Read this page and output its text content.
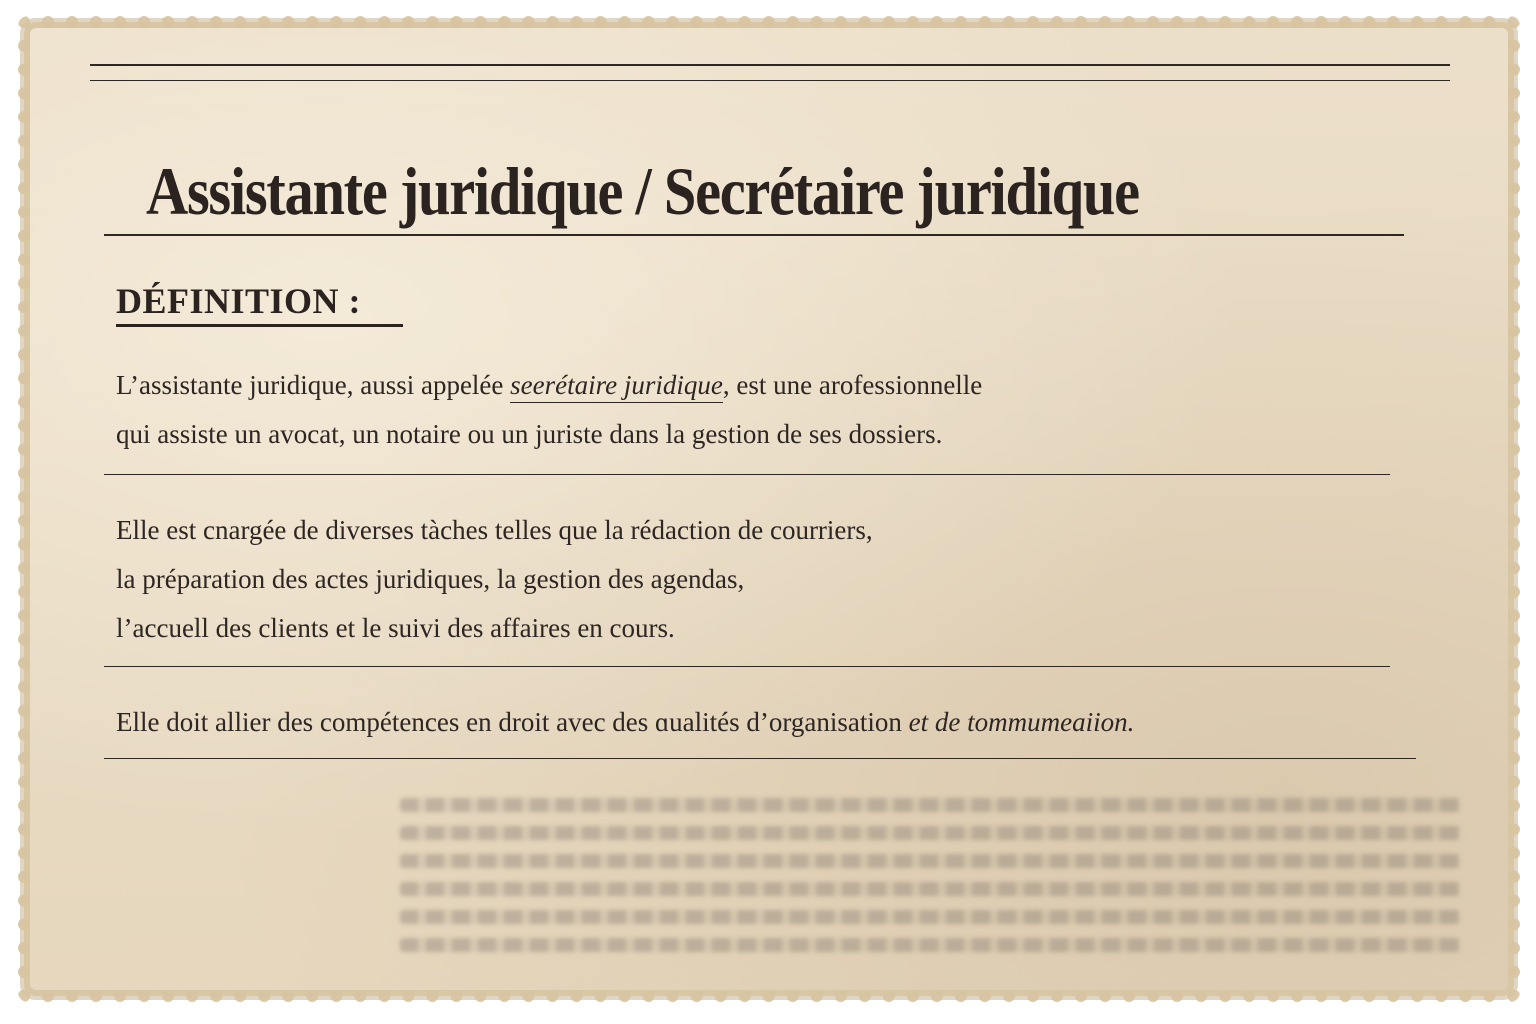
Assistante juridique / Secrétaire juridique
DÉFINITION :
L’assistante juridique, aussi appelée seerétaire juridique, est une arofessionnelle
qui assiste un avocat, un notaire ou un juriste dans la gestion de ses dossiers.
Elle est cnargée de diverses tàches telles que la rédaction de courriers,
la préparation des actes juridiques, la gestion des agendas,
l’accuell des clients et le suivi des affaires en cours.
Elle doit allier des compétences en droit avec des ɑualités d’organisation et de tommumeaiion.
